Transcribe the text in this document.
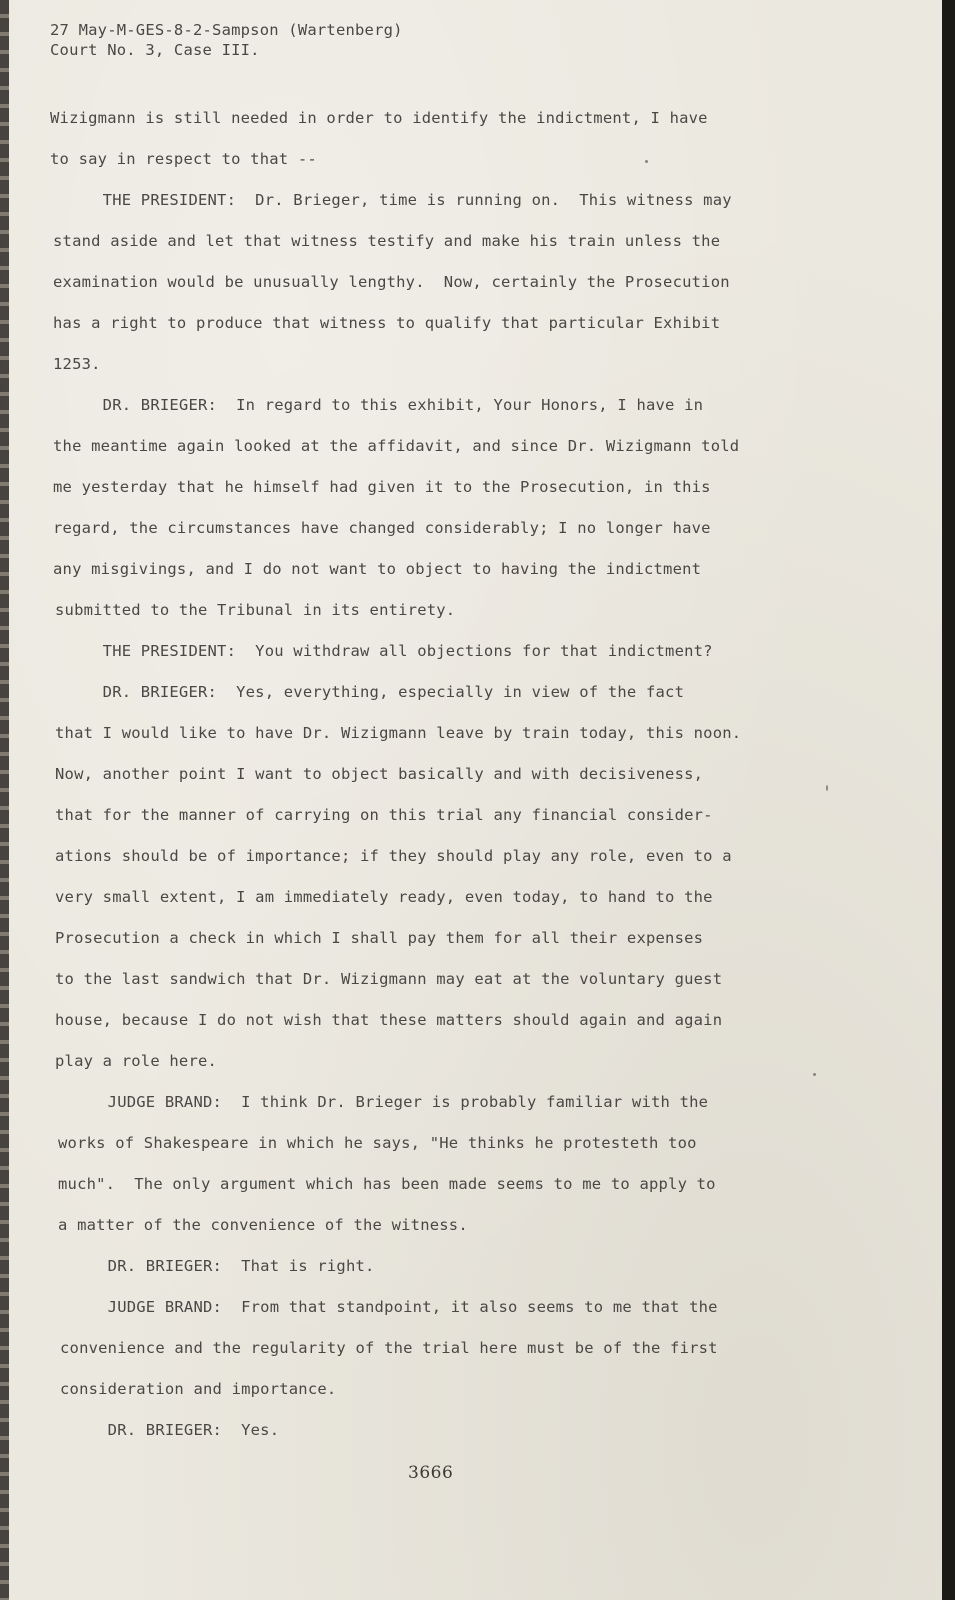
27 May-M-GES-8-2-Sampson (Wartenberg)

Court No. 3, Case III.

Wizigmann is still needed in order to identify the indictment, I have

to say in respect to that --

THE PRESIDENT:  Dr. Brieger, time is running on.  This witness may

stand aside and let that witness testify and make his train unless the

examination would be unusually lengthy.  Now, certainly the Prosecution

has a right to produce that witness to qualify that particular Exhibit

1253.

DR. BRIEGER:  In regard to this exhibit, Your Honors, I have in

the meantime again looked at the affidavit, and since Dr. Wizigmann told

me yesterday that he himself had given it to the Prosecution, in this

regard, the circumstances have changed considerably; I no longer have

any misgivings, and I do not want to object to having the indictment

submitted to the Tribunal in its entirety.

THE PRESIDENT:  You withdraw all objections for that indictment?

DR. BRIEGER:  Yes, everything, especially in view of the fact

that I would like to have Dr. Wizigmann leave by train today, this noon.

Now, another point I want to object basically and with decisiveness,

that for the manner of carrying on this trial any financial consider-

ations should be of importance; if they should play any role, even to a

very small extent, I am immediately ready, even today, to hand to the

Prosecution a check in which I shall pay them for all their expenses

to the last sandwich that Dr. Wizigmann may eat at the voluntary guest

house, because I do not wish that these matters should again and again

play a role here.

JUDGE BRAND:  I think Dr. Brieger is probably familiar with the

works of Shakespeare in which he says, "He thinks he protesteth too

much".  The only argument which has been made seems to me to apply to

a matter of the convenience of the witness.

DR. BRIEGER:  That is right.

JUDGE BRAND:  From that standpoint, it also seems to me that the

convenience and the regularity of the trial here must be of the first

consideration and importance.

DR. BRIEGER:  Yes.

3666
